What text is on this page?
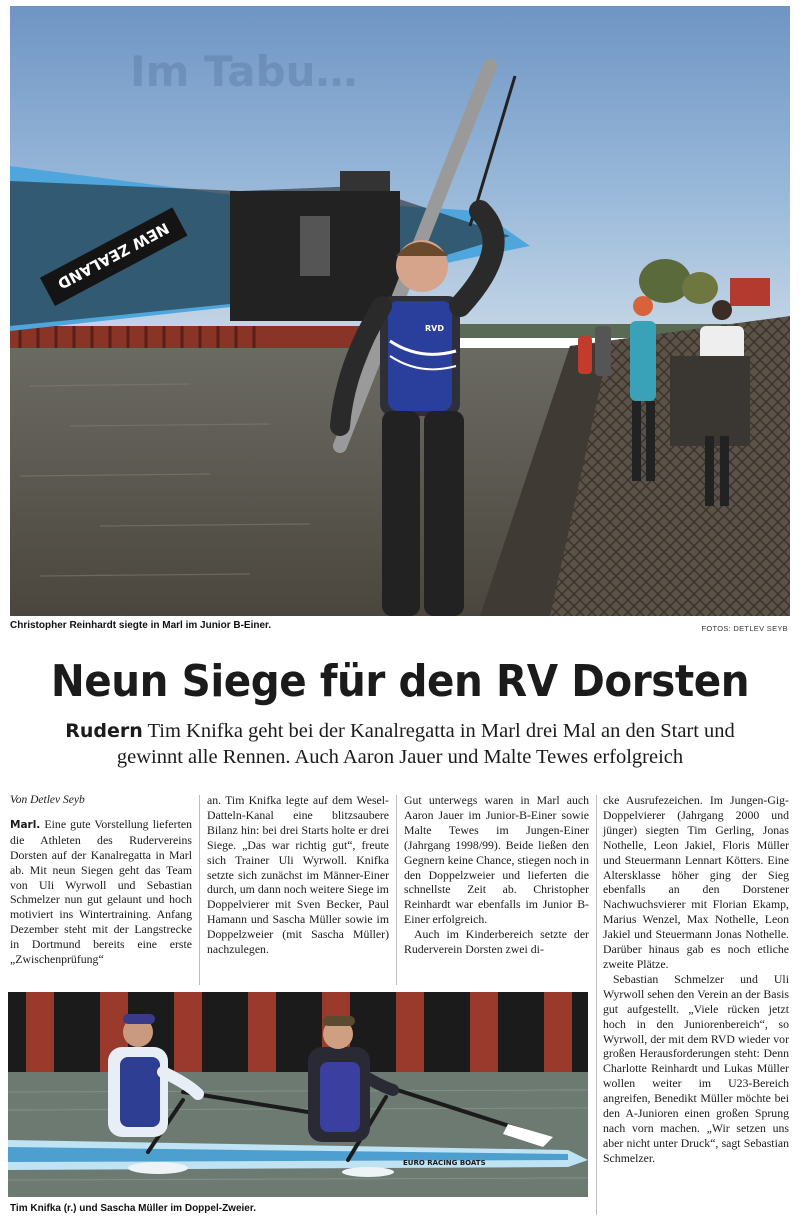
Im Tabu…
NEW ZEALAND
RVD
Christopher Reinhardt siegte in Marl im Junior B-Einer.	FOTOS: DETLEV SEYB
Neun Siege für den RV Dorsten
Rudern Tim Knifka geht bei der Kanalregatta in Marl drei Mal an den Start und gewinnt alle Rennen. Auch Aaron Jauer und Malte Tewes erfolgreich
Von Detlev Seyb

Marl. Eine gute Vorstellung lieferten die Athleten des Rudervereins Dorsten auf der Kanalregatta in Marl ab. Mit neun Siegen geht das Team von Uli Wyrwoll und Sebastian Schmelzer nun gut gelaunt und hoch motiviert ins Wintertraining. Anfang Dezember steht mit der Langstrecke in Dortmund bereits eine erste „Zwischenprüfung“

an. Tim Knifka legte auf dem Wesel-Datteln-Kanal eine blitzsaubere Bilanz hin: bei drei Starts holte er drei Siege. „Das war richtig gut“, freute sich Trainer Uli Wyrwoll. Knifka setzte sich zunächst im Männer-Einer durch, um dann noch weitere Siege im Doppelvierer mit Sven Becker, Paul Hamann und Sascha Müller sowie im Doppelzweier (mit Sascha Müller) nachzulegen.

Gut unterwegs waren in Marl auch Aaron Jauer im Junior-B-Einer sowie Malte Tewes im Jungen-Einer (Jahrgang 1998/99). Beide ließen den Gegnern keine Chance, stiegen noch in den Doppelzweier und lieferten die schnellste Zeit ab. Christopher Reinhardt war ebenfalls im Junior B-Einer erfolgreich.

Auch im Kinderbereich setzte der Ruderverein Dorsten zwei di-

cke Ausrufezeichen. Im Jungen-Gig-Doppelvierer (Jahrgang 2000 und jünger) siegten Tim Gerling, Jonas Nothelle, Leon Jakiel, Floris Müller und Steuermann Lennart Kötters. Eine Altersklasse höher ging der Sieg ebenfalls an den Dorstener Nachwuchsvierer mit Florian Ekamp, Marius Wenzel, Max Nothelle, Leon Jakiel und Steuermann Jonas Nothelle. Darüber hinaus gab es noch etliche zweite Plätze.

Sebastian Schmelzer und Uli Wyrwoll sehen den Verein an der Basis gut aufgestellt. „Viele rücken jetzt hoch in den Juniorenbereich“, so Wyrwoll, der mit dem RVD wieder vor großen Herausforderungen steht: Denn Charlotte Reinhardt und Lukas Müller wollen weiter im U23-Bereich angreifen, Benedikt Müller möchte bei den A-Junioren einen großen Sprung nach vorn machen. „Wir setzen uns aber nicht unter Druck“, sagt Sebastian Schmelzer.

EURO RACING BOATS
Tim Knifka (r.) und Sascha Müller im Doppel-Zweier.
